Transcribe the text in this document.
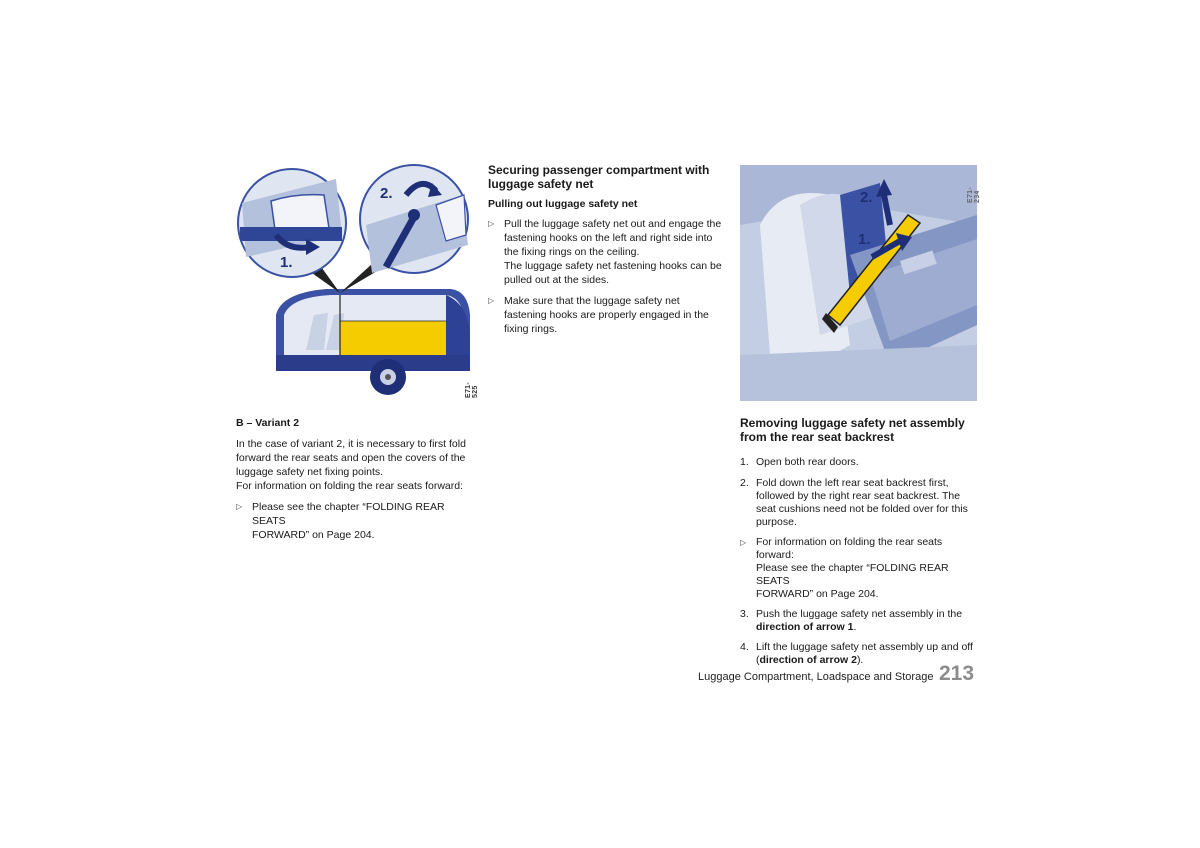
2.
1.
E71-525
2.
1.
E71-234

B – Variant 2

In the case of variant 2, it is necessary to first fold

forward the rear seats and open the covers of the

luggage safety net fixing points.

For information on folding the rear seats forward:

▷ Please see the chapter “FOLDING REAR SEATS
FORWARD” on Page 204.

Securing passenger compartment with

luggage safety net

Pulling out luggage safety net

▷ Pull the luggage safety net out and engage the
fastening hooks on the left and right side into
the fixing rings on the ceiling.
The luggage safety net fastening hooks can be
pulled out at the sides.
▷ Make sure that the luggage safety net
fastening hooks are properly engaged in the
fixing rings.

Removing luggage safety net assembly

from the rear seat backrest

1. Open both rear doors.
2. Fold down the left rear seat backrest first,
followed by the right rear seat backrest. The
seat cushions need not be folded over for this
purpose.
▷ For information on folding the rear seats
forward:
Please see the chapter “FOLDING REAR SEATS
FORWARD” on Page 204.
3. Push the luggage safety net assembly in the
direction of arrow 1.
4. Lift the luggage safety net assembly up and off
(direction of arrow 2).
Luggage Compartment, Loadspace and Storage 213
